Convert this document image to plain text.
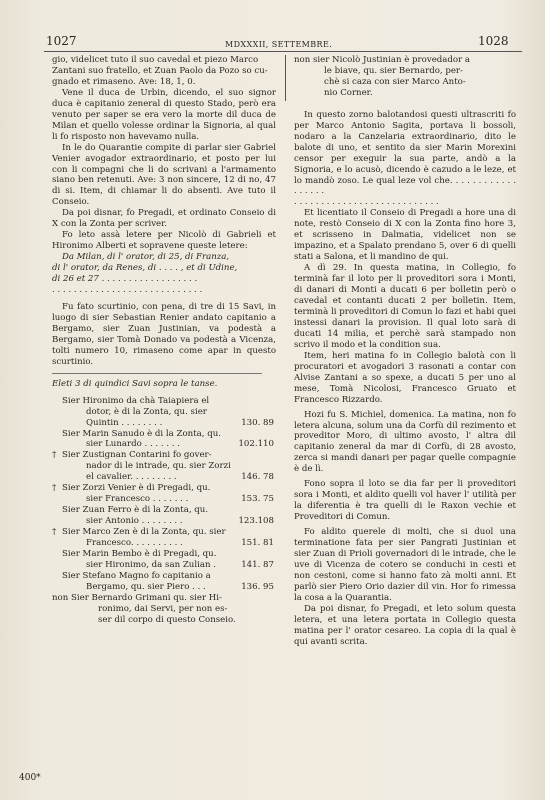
1027	MDXXXII, SETTEMBRE.	1028

gio, videlicet tuto il suo cavedal et piezo Marco

Zantani suo fratello, et Zuan Paolo da Pozo so cu-

gnado et rimaseno. Ave: 18, 1, 0.

Vene il duca de Urbin, dicendo, el suo signor duca è capitanio zeneral di questo Stado, però era venuto per saper se era vero la morte dil duca de Milan et quello volesse ordinar la Signoria, al qual li fo risposto non havevamo nulla.

In le do Quarantie compite di parlar sier Gabriel Venier avogador extraordinario, et posto per lui con li compagni che li do scrivani a l'armamento siano ben retenuti. Ave: 3 non sincere, 12 di no, 47 di si. Item, di chiamar li do absenti. Ave tuto il Conseio.

Da poi disnar, fo Pregadi, et ordinato Conseio di X con la Zonta per scriver.

Fo leto assà letere per Nicolò di Gabrieli et Hironimo Alberti et sopravene queste letere:

Da Milan, di l' orator, di 25, di Franza,

di l' orator, da Renes, di . . . . , et di Udine,

di 26 et 27 . . . . . . . . . . . . . . . . . .

. . . . . . . . . . . . . . . . . . . . . . . . . . . .

Fu fato scurtinio, con pena, di tre di 15 Savi, in luogo di sier Sebastian Renier andato capitanio a Bergamo, sier Zuan Justinian, va podestà a Bergamo, sier Tomà Donado va podestà a Vicenza, tolti numero 10, rimaseno come apar in questo scurtinio.

Eleti 3 di quindici Savi sopra le tanse.

Sier Hironimo da chà Taiapiera el
dotor, è di la Zonta, qu. sier
Quintin . . . . . . . .	130. 89
Sier Marin Sanudo è di la Zonta, qu.
sier Lunardo . . . . . . .	102.110
† Sier Zustignan Contarini fo gover-
nador di le intrade, qu. sier Zorzi
el cavalier. . . . . . . . .	146. 78
† Sier Zorzi Venier è di Pregadi, qu.
sier Francesco . . . . . . .	153. 75
Sier Zuan Ferro è di la Zonta, qu.
sier Antonio . . . . . . . .	123.108
† Sier Marco Zen è di la Zonta, qu. sier
Francesco. . . . . . . . . .	151. 81
Sier Marin Bembo è di Pregadi, qu.
sier Hironimo, da san Zulian .	141. 87
Sier Stefano Magno fo capitanio a
Bergamo, qu. sier Piero . . .	136. 95
non Sier Bernardo Grimani qu. sier Hi-
ronimo, dai Servi, per non es-
ser dil corpo di questo Conseio.
400*

non sier Nicolò Justinian è provedador a

le biave, qu. sier Bernardo, per-

chè si caza con sier Marco Anto-

nio Corner.

In questo zorno balotandosi questi ultrascriti fo per Marco Antonio Sagita, portava li bossoli, nodaro a la Canzelaria extraordinario, dito le balote di uno, et sentito da sier Marin Morexini censor per exeguir la sua parte, andò a la Signoria, e lo acusò, dicendo è cazudo a le leze, et lo mandò zoso. Le qual leze vol che. . . . . . . . . . . . . . . . . .

. . . . . . . . . . . . . . . . . . . . . . . . . . .

Et licentiato il Conseio di Pregadi a hore una di note, restò Conseio di X con la Zonta fino hore 3, et scrisseno in Dalmatia, videlicet non se impazino, et a Spalato prendano 5, over 6 di quelli stati a Salona, et li mandino de qui.

A dì 29. In questa matina, in Collegio, fo terminà far il loto per li proveditori sora i Monti, di danari di Monti a ducati 6 per bolletin però o cavedal et contanti ducati 2 per bolletin. Item, terminà li proveditori di Comun lo fazi et habi quei instessi danari la provision. Il qual loto sarà di ducati 14 milia, et perchè sarà stampado non scrivo il modo et la condition sua.

Item, heri matina fo in Collegio balotà con li procuratori et avogadori 3 rasonati a contar con Alvise Zantani a so spexe, a ducati 5 per uno al mese, Tomà Nicolosi, Francesco Gruato et Francesco Rizzardo.

Hozi fu S. Michiel, domenica. La matina, non fo letera alcuna, solum una da Corfù dil rezimento et proveditor Moro, di ultimo avosto, l' altra dil capitanio zeneral da mar di Corfù, di 28 avosto, zerca si mandi danari per pagar quelle compagnie è de lì.

Fono sopra il loto se dia far per li proveditori sora i Monti, et aldito quelli vol haver l' utilità per la diferentia è tra quelli di le Raxon vechie et Proveditori di Comun.

Fo aldito querele di molti, che si duol una terminatione fata per sier Pangrati Justinian et sier Zuan di Prioli governadori di le intrade, che le uve di Vicenza de cotero se conduchi in cesti et non cestoni, come si hanno fato zà molti anni. Et parlò sier Piero Orio dazier dil vin. Hor fo rimessa la cosa a la Quarantia.

Da poi disnar, fo Pregadi, et leto solum questa letera, et una letera portata in Collegio questa matina per l' orator cesareo. La copia di la qual è qui avanti scrita.
